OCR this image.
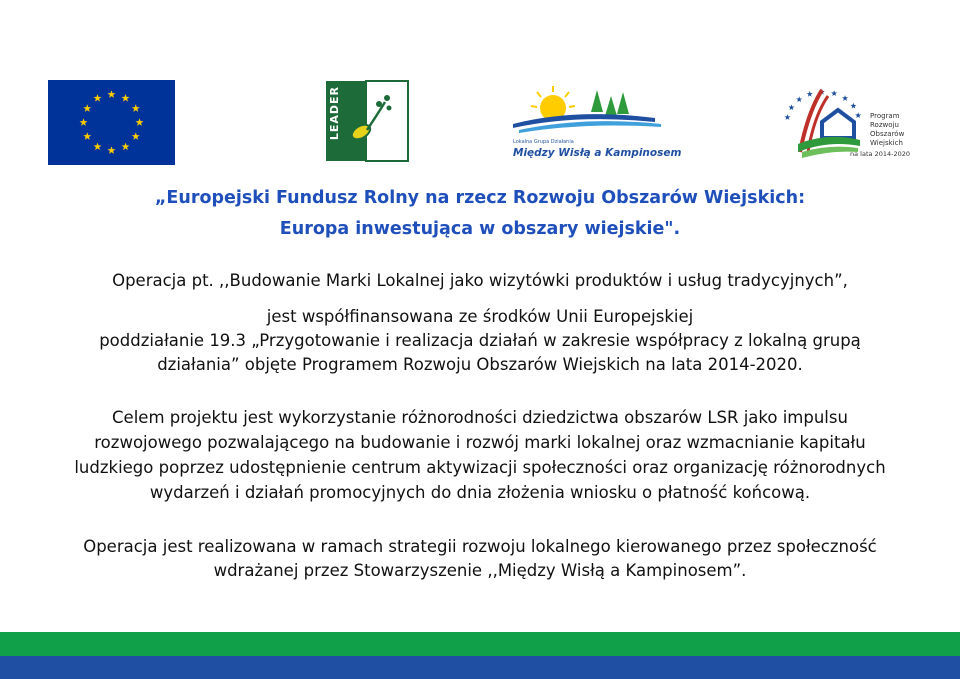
LEADER
Lokalna Grupa Działania
Między Wisłą a Kampinosem
Program
Rozwoju
Obszarów
Wiejskich
na lata 2014-2020
„Europejski Fundusz Rolny na rzecz Rozwoju Obszarów Wiejskich:
Europa inwestująca w obszary wiejskie".
Operacja pt. ,,Budowanie Marki Lokalnej jako wizytówki produktów i usług tradycyjnych”,
jest współfinansowana ze środków Unii Europejskiej
poddziałanie 19.3 „Przygotowanie i realizacja działań w zakresie współpracy z lokalną grupą
działania” objęte Programem Rozwoju Obszarów Wiejskich na lata 2014-2020.
Celem projektu jest wykorzystanie różnorodności dziedzictwa obszarów LSR jako impulsu
rozwojowego pozwalającego na budowanie i rozwój marki lokalnej oraz wzmacnianie kapitału
ludzkiego poprzez udostępnienie centrum aktywizacji społeczności oraz organizację różnorodnych
wydarzeń i działań promocyjnych do dnia złożenia wniosku o płatność końcową.
Operacja jest realizowana w ramach strategii rozwoju lokalnego kierowanego przez społeczność
wdrażanej przez Stowarzyszenie ,,Między Wisłą a Kampinosem”.
